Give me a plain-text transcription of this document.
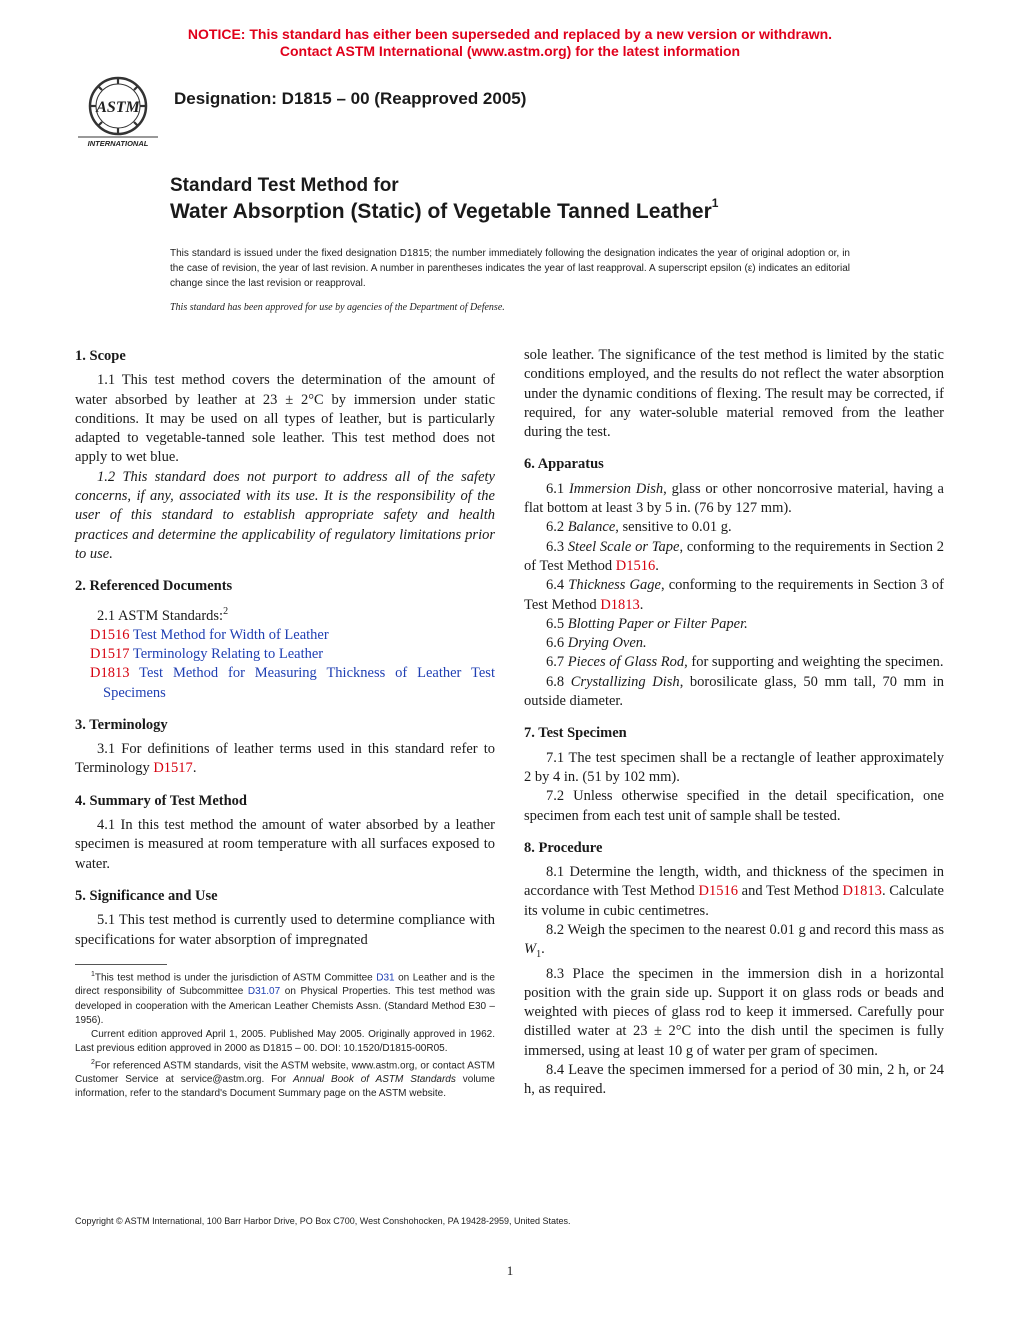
NOTICE: This standard has either been superseded and replaced by a new version or withdrawn.
Contact ASTM International (www.astm.org) for the latest information
ASTM
INTERNATIONAL
Designation: D1815 – 00 (Reapproved 2005)
Standard Test Method for
Water Absorption (Static) of Vegetable Tanned Leather$^1$
This standard is issued under the fixed designation D1815; the number immediately following the designation indicates the year of original adoption or, in the case of revision, the year of last revision. A number in parentheses indicates the year of last reapproval. A superscript epsilon (ε) indicates an editorial change since the last revision or reapproval.
This standard has been approved for use by agencies of the Department of Defense.
1. Scope

1.1 This test method covers the determination of the amount of water absorbed by leather at 23 ± 2°C by immersion under static conditions. It may be used on all types of leather, but is particularly adapted to vegetable-tanned sole leather. This test method does not apply to wet blue.

1.2 This standard does not purport to address all of the safety concerns, if any, associated with its use. It is the responsibility of the user of this standard to establish appropriate safety and health practices and determine the applicability of regulatory limitations prior to use.

2. Referenced Documents

2.1 ASTM Standards:$^2$

D1516 Test Method for Width of Leather
D1517 Terminology Relating to Leather
D1813 Test Method for Measuring Thickness of Leather Test Specimens
3. Terminology

3.1 For definitions of leather terms used in this standard refer to Terminology D1517.

4. Summary of Test Method

4.1 In this test method the amount of water absorbed by a leather specimen is measured at room temperature with all surfaces exposed to water.

5. Significance and Use

5.1 This test method is currently used to determine compliance with specifications for water absorption of impregnated

$^1$This test method is under the jurisdiction of ASTM Committee D31 on Leather and is the direct responsibility of Subcommittee D31.07 on Physical Properties. This test method was developed in cooperation with the American Leather Chemists Assn. (Standard Method E30 – 1956).

Current edition approved April 1, 2005. Published May 2005. Originally approved in 1962. Last previous edition approved in 2000 as D1815 – 00. DOI: 10.1520/D1815-00R05.

$^2$For referenced ASTM standards, visit the ASTM website, www.astm.org, or contact ASTM Customer Service at service@astm.org. For Annual Book of ASTM Standards volume information, refer to the standard's Document Summary page on the ASTM website.

sole leather. The significance of the test method is limited by the static conditions employed, and the results do not reflect the water absorption under the dynamic conditions of flexing. The result may be corrected, if required, for any water-soluble material removed from the leather during the test.

6. Apparatus

6.1 Immersion Dish, glass or other noncorrosive material, having a flat bottom at least 3 by 5 in. (76 by 127 mm).

6.2 Balance, sensitive to 0.01 g.

6.3 Steel Scale or Tape, conforming to the requirements in Section 2 of Test Method D1516.

6.4 Thickness Gage, conforming to the requirements in Section 3 of Test Method D1813.

6.5 Blotting Paper or Filter Paper.

6.6 Drying Oven.

6.7 Pieces of Glass Rod, for supporting and weighting the specimen.

6.8 Crystallizing Dish, borosilicate glass, 50 mm tall, 70 mm in outside diameter.

7. Test Specimen

7.1 The test specimen shall be a rectangle of leather approximately 2 by 4 in. (51 by 102 mm).

7.2 Unless otherwise specified in the detail specification, one specimen from each test unit of sample shall be tested.

8. Procedure

8.1 Determine the length, width, and thickness of the specimen in accordance with Test Method D1516 and Test Method D1813. Calculate its volume in cubic centimetres.

8.2 Weigh the specimen to the nearest 0.01 g and record this mass as $W_1$.

8.3 Place the specimen in the immersion dish in a horizontal position with the grain side up. Support it on glass rods or beads and weighted with pieces of glass rod to keep it immersed. Carefully pour distilled water at 23 ± 2°C into the dish until the specimen is fully immersed, using at least 10 g of water per gram of specimen.

8.4 Leave the specimen immersed for a period of 30 min, 2 h, or 24 h, as required.

Copyright © ASTM International, 100 Barr Harbor Drive, PO Box C700, West Conshohocken, PA 19428-2959, United States.
1
